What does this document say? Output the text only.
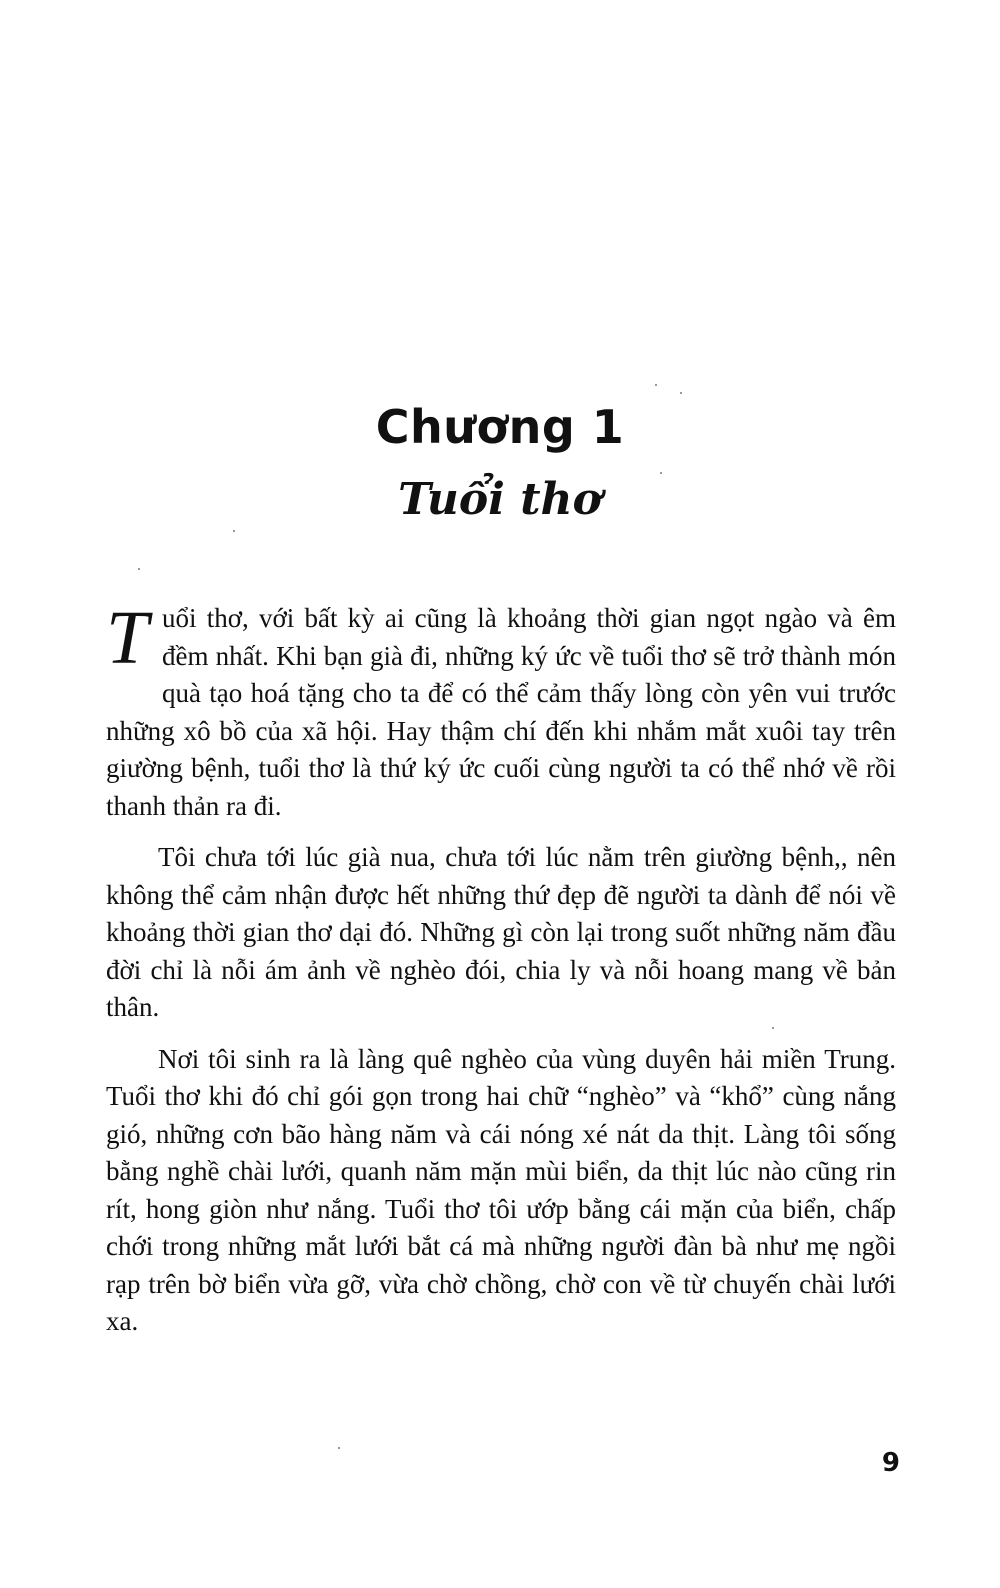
Chương 1
Tuổi thơ

Tuổi thơ, với bất kỳ ai cũng là khoảng thời gian ngọt ngào và êm đềm nhất. Khi bạn già đi, những ký ức về tuổi thơ sẽ trở thành món quà tạo hoá tặng cho ta để có thể cảm thấy lòng còn yên vui trước những xô bồ của xã hội. Hay thậm chí đến khi nhắm mắt xuôi tay trên giường bệnh, tuổi thơ là thứ ký ức cuối cùng người ta có thể nhớ về rồi thanh thản ra đi.

Tôi chưa tới lúc già nua, chưa tới lúc nằm trên giường bệnh,, nên không thể cảm nhận được hết những thứ đẹp đẽ người ta dành để nói về khoảng thời gian thơ dại đó. Những gì còn lại trong suốt những năm đầu đời chỉ là nỗi ám ảnh về nghèo đói, chia ly và nỗi hoang mang về bản thân.

Nơi tôi sinh ra là làng quê nghèo của vùng duyên hải miền Trung. Tuổi thơ khi đó chỉ gói gọn trong hai chữ “nghèo” và “khổ” cùng nắng gió, những cơn bão hàng năm và cái nóng xé nát da thịt. Làng tôi sống bằng nghề chài lưới, quanh năm mặn mùi biển, da thịt lúc nào cũng rin rít, hong giòn như nắng. Tuổi thơ tôi ướp bằng cái mặn của biển, chấp chới trong những mắt lưới bắt cá mà những người đàn bà như mẹ ngồi rạp trên bờ biển vừa gỡ, vừa chờ chồng, chờ con về từ chuyến chài lưới xa.

9
